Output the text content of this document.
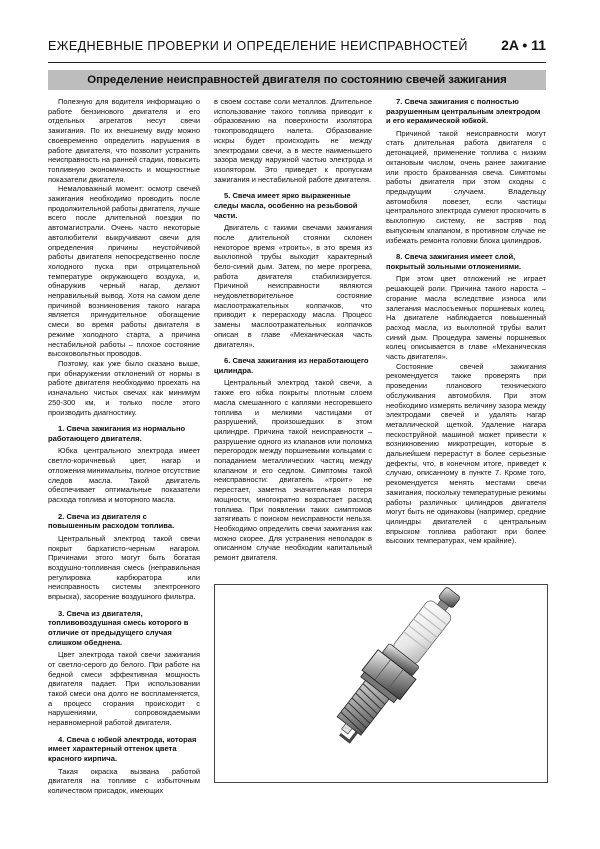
ЕЖЕДНЕВНЫЕ ПРОВЕРКИ И ОПРЕДЕЛЕНИЕ НЕИСПРАВНОСТЕЙ 2A • 11
Определение неисправностей двигателя по состоянию свечей зажигания

Полезную для водителя информацию о работе бензинового двигателя и его отдельных агрегатов несут свечи зажигания. По их внешнему виду можно своевременно определить нарушения в работе двигателя, что позволит устранить неисправность на ранней стадии, повысить топливную экономичность и мощностные показатели двигателя.

Немаловажный момент: осмотр свечей зажигания необходимо проводить после продолжительной работы двигателя, лучше всего после длительной поездки по автомагистрали. Очень часто некоторые автолюбители выкручивают свечи для определения причины неустойчивой работы двигателя непосредственно после холодного пуска при отрицательной температуре окружающего воздуха, и, обнаружив черный нагар, делают неправильный вывод. Хотя на самом деле причиной возникновения такого нагара является принудительное обогащение смеси во время работы двигателя в режиме холодного старта, а причина нестабильной работы – плохое состояние высоковольтных проводов.

Поэтому, как уже было сказано выше, при обнаружении отклонений от нормы в работе двигателя необходимо проехать на изначально чистых свечах как минимум 250-300 км, и только после этого производить диагностику.

1. Свеча зажигания из нормально работающего двигателя.

Юбка центрального электрода имеет светло-коричневый цвет, нагар и отложения минимальны, полное отсутствие следов масла. Такой двигатель обеспечивает оптимальные показатели расхода топлива и моторного масла.

2. Свеча из двигателя с повышенным расходом топлива.

Центральный электрод такой свечи покрыт бархатисто-черным нагаром. Причинами этого могут быть богатая воздушно-топливная смесь (неправильная регулировка карбюратора или неисправность системы электронного впрыска), засорение воздушного фильтра.

3. Свеча из двигателя, топливовоздушная смесь которого в отличие от предыдущего случая слишком обеднена.

Цвет электрода такой свечи зажигания от светло-серого до белого. При работе на бедной смеси эффективная мощность двигателя падает. При использовании такой смеси она долго не воспламеняется, а процесс сгорания происходит с нарушениями, сопровождаемыми неравномерной работой двигателя.

4. Свеча с юбкой электрода, которая имеет характерный оттенок цвета красного кирпича.

Такая окраска вызвана работой двигателя на топливе с избыточным количеством присадок, имеющих

в своем составе соли металлов. Длительное использование такого топлива приводит к образованию на поверхности изолятора токопроводящего налета. Образование искры будет происходить не между электродами свечи, а в месте наименьшего зазора между наружной частью электрода и изолятором. Это приведет к пропускам зажигания и нестабильной работе двигателя.

5. Свеча имеет ярко выраженные следы масла, особенно на резьбовой части.

Двигатель с такими свечами зажигания после длительной стоянки склонен некоторое время «троить», в это время из выхлопной трубы выходит характерный бело-синий дым. Затем, по мере прогрева, работа двигателя стабилизируется. Причиной неисправности являются неудовлетворительное состояние маслоотражательных колпачков, что приводит к перерасходу масла. Процесс замены маслоотражательных колпачков описан в главе «Механическая часть двигателя».

6. Свеча зажигания из неработающего цилиндра.

Центральный электрод такой свечи, а также его юбка покрыты плотным слоем масла смешанного с каплями несгоревшего топлива и мелкими частицами от разрушений, произошедших в этом цилиндре. Причина такой неисправности – разрушение одного из клапанов или поломка перегородок между поршневыми кольцами с попаданием металлических частиц между клапаном и его седлом. Симптомы такой неисправности: двигатель «троит» не перестает, заметна значительная потеря мощности, многократно возрастает расход топлива. При появлении таких симптомов затягивать с поиском неисправности нельзя. Необходимо определить свечи зажигания как можно скорее. Для устранения неполадок в описанном случае необходим капитальный ремонт двигателя.

7. Свеча зажигания с полностью разрушенным центральным электродом и его керамической юбкой.

Причиной такой неисправности могут стать длительная работа двигателя с детонацией, применение топлива с низким октановым числом, очень ранее зажигание или просто бракованная свеча. Симптомы работы двигателя при этом сходны с предыдущим случаем. Владельцу автомобиля повезет, если частицы центрального электрода сумеют проскочить в выхлопную систему, не застряв под выпускным клапаном, в противном случае не избежать ремонта головки блока цилиндров.

8. Свеча зажигания имеет слой, покрытый зольными отложениями.

При этом цвет отложений не играет решающей роли. Причина такого нароста – сгорание масла вследствие износа или залегания маслосъемных поршневых колец. На двигателе наблюдается повышенный расход масла, из выхлопной трубы валит синий дым. Процедура замены поршневых колец описывается в главе «Механическая часть двигателя».

Состояние свечей зажигания рекомендуется также проверять при проведении планового технического обслуживания автомобиля. При этом необходимо измерять величину зазора между электродами свечей и удалять нагар металлической щеткой. Удаление нагара пескоструйной машиной может привести к возникновению микротрещин, которые в дальнейшем перерастут в более серьезные дефекты, что, в конечном итоге, приведет к случаю, описанному в пункте 7. Кроме того, рекомендуется менять местами свечи зажигания, поскольку температурные режимы работы различных цилиндров двигателя могут быть не одинаковы (например, средние цилиндры двигателей с центральным впрыском топлива работают при более высоких температурах, чем крайние).
